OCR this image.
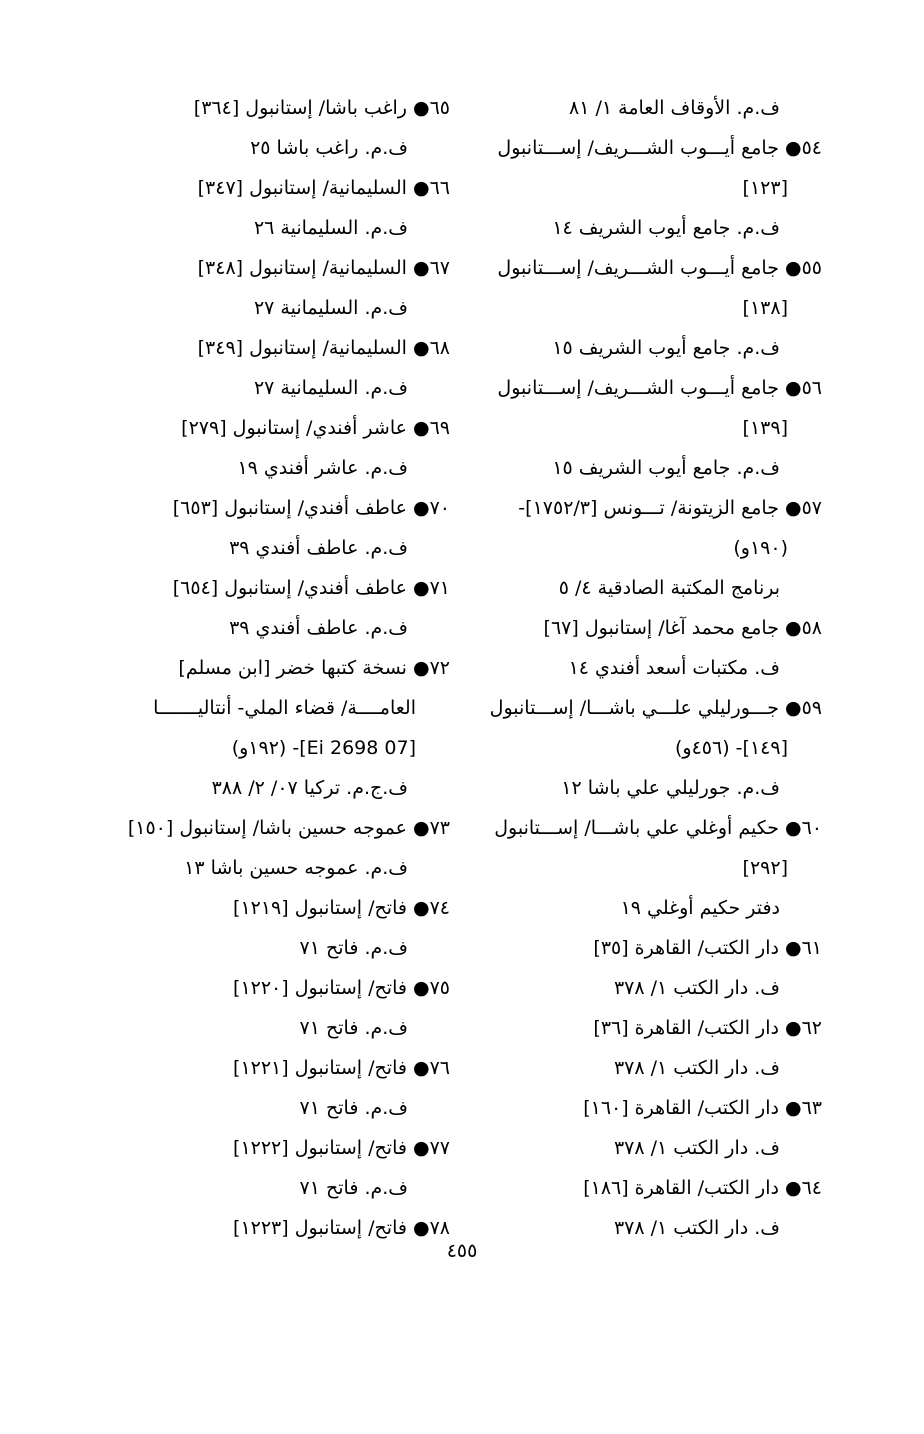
ف.م. الأوقاف العامة ١/ ٨١
٥٤● جامع أيـــوب الشـــريف/ إســـتانبول
[١٢٣]
ف.م. جامع أيوب الشريف ١٤
٥٥● جامع أيـــوب الشـــريف/ إســـتانبول
[١٣٨]
ف.م. جامع أيوب الشريف ١٥
٥٦● جامع أيـــوب الشـــريف/ إســـتانبول
[١٣٩]
ف.م. جامع أيوب الشريف ١٥
٥٧● جامع الزيتونة/ تـــونس [١٧٥٢/٣]-
(١٩٠و)
برنامج المكتبة الصادقية ٤/ ٥
٥٨● جامع محمد آغا/ إستانبول [٦٧]
ف. مكتبات أسعد أفندي ١٤
٥٩● جـــورليلي علـــي باشـــا/ إســـتانبول
[١٤٩]- (٤٥٦و)
ف.م. جورليلي علي باشا ١٢
٦٠● حكيم أوغلي علي باشـــا/ إســـتانبول
[٢٩٢]
دفتر حكيم أوغلي ١٩
٦١● دار الكتب/ القاهرة [٣٥]
ف. دار الكتب ١/ ٣٧٨
٦٢● دار الكتب/ القاهرة [٣٦]
ف. دار الكتب ١/ ٣٧٨
٦٣● دار الكتب/ القاهرة [١٦٠]
ف. دار الكتب ١/ ٣٧٨
٦٤● دار الكتب/ القاهرة [١٨٦]
ف. دار الكتب ١/ ٣٧٨
٦٥● راغب باشا/ إستانبول [٣٦٤]
ف.م. راغب باشا ٢٥
٦٦● السليمانية/ إستانبول [٣٤٧]
ف.م. السليمانية ٢٦
٦٧● السليمانية/ إستانبول [٣٤٨]
ف.م. السليمانية ٢٧
٦٨● السليمانية/ إستانبول [٣٤٩]
ف.م. السليمانية ٢٧
٦٩● عاشر أفندي/ إستانبول [٢٧٩]
ف.م. عاشر أفندي ١٩
٧٠● عاطف أفندي/ إستانبول [٦٥٣]
ف.م. عاطف أفندي ٣٩
٧١● عاطف أفندي/ إستانبول [٦٥٤]
ف.م. عاطف أفندي ٣٩
٧٢● نسخة كتبها خضر [ابن مسلم]
العامــــة/ قضاء الملي- أنتاليـــــــا
[07 Ei 2698]- (١٩٢و)
ف.ج.م. تركيا ٠٧/ ٢/ ٣٨٨
٧٣● عموجه حسين باشا/ إستانبول [١٥٠]
ف.م. عموجه حسين باشا ١٣
٧٤● فاتح/ إستانبول [١٢١٩]
ف.م. فاتح ٧١
٧٥● فاتح/ إستانبول [١٢٢٠]
ف.م. فاتح ٧١
٧٦● فاتح/ إستانبول [١٢٢١]
ف.م. فاتح ٧١
٧٧● فاتح/ إستانبول [١٢٢٢]
ف.م. فاتح ٧١
٧٨● فاتح/ إستانبول [١٢٢٣]
٤٥٥
